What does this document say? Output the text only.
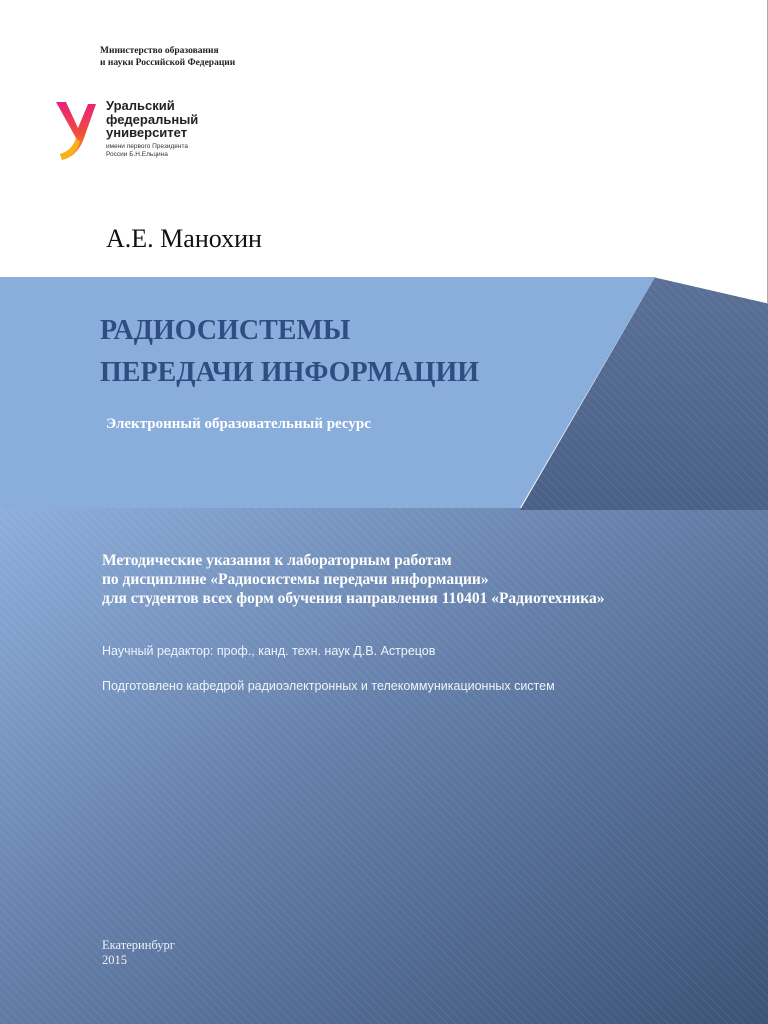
Министерство образования
и науки Российской Федерации
Уральский
федеральный
университет
имени первого Президента
России Б.Н.Ельцина
А.Е. Манохин
РАДИОСИСТЕМЫ
ПЕРЕДАЧИ ИНФОРМАЦИИ
Электронный образовательный ресурс
Методические указания к лабораторным работам
по дисциплине «Радиосистемы передачи информации»
для студентов всех форм обучения направления 110401 «Радиотехника»
Научный редактор: проф., канд. техн. наук Д.В. Астрецов
Подготовлено кафедрой радиоэлектронных и телекоммуникационных систем
Екатеринбург
2015
